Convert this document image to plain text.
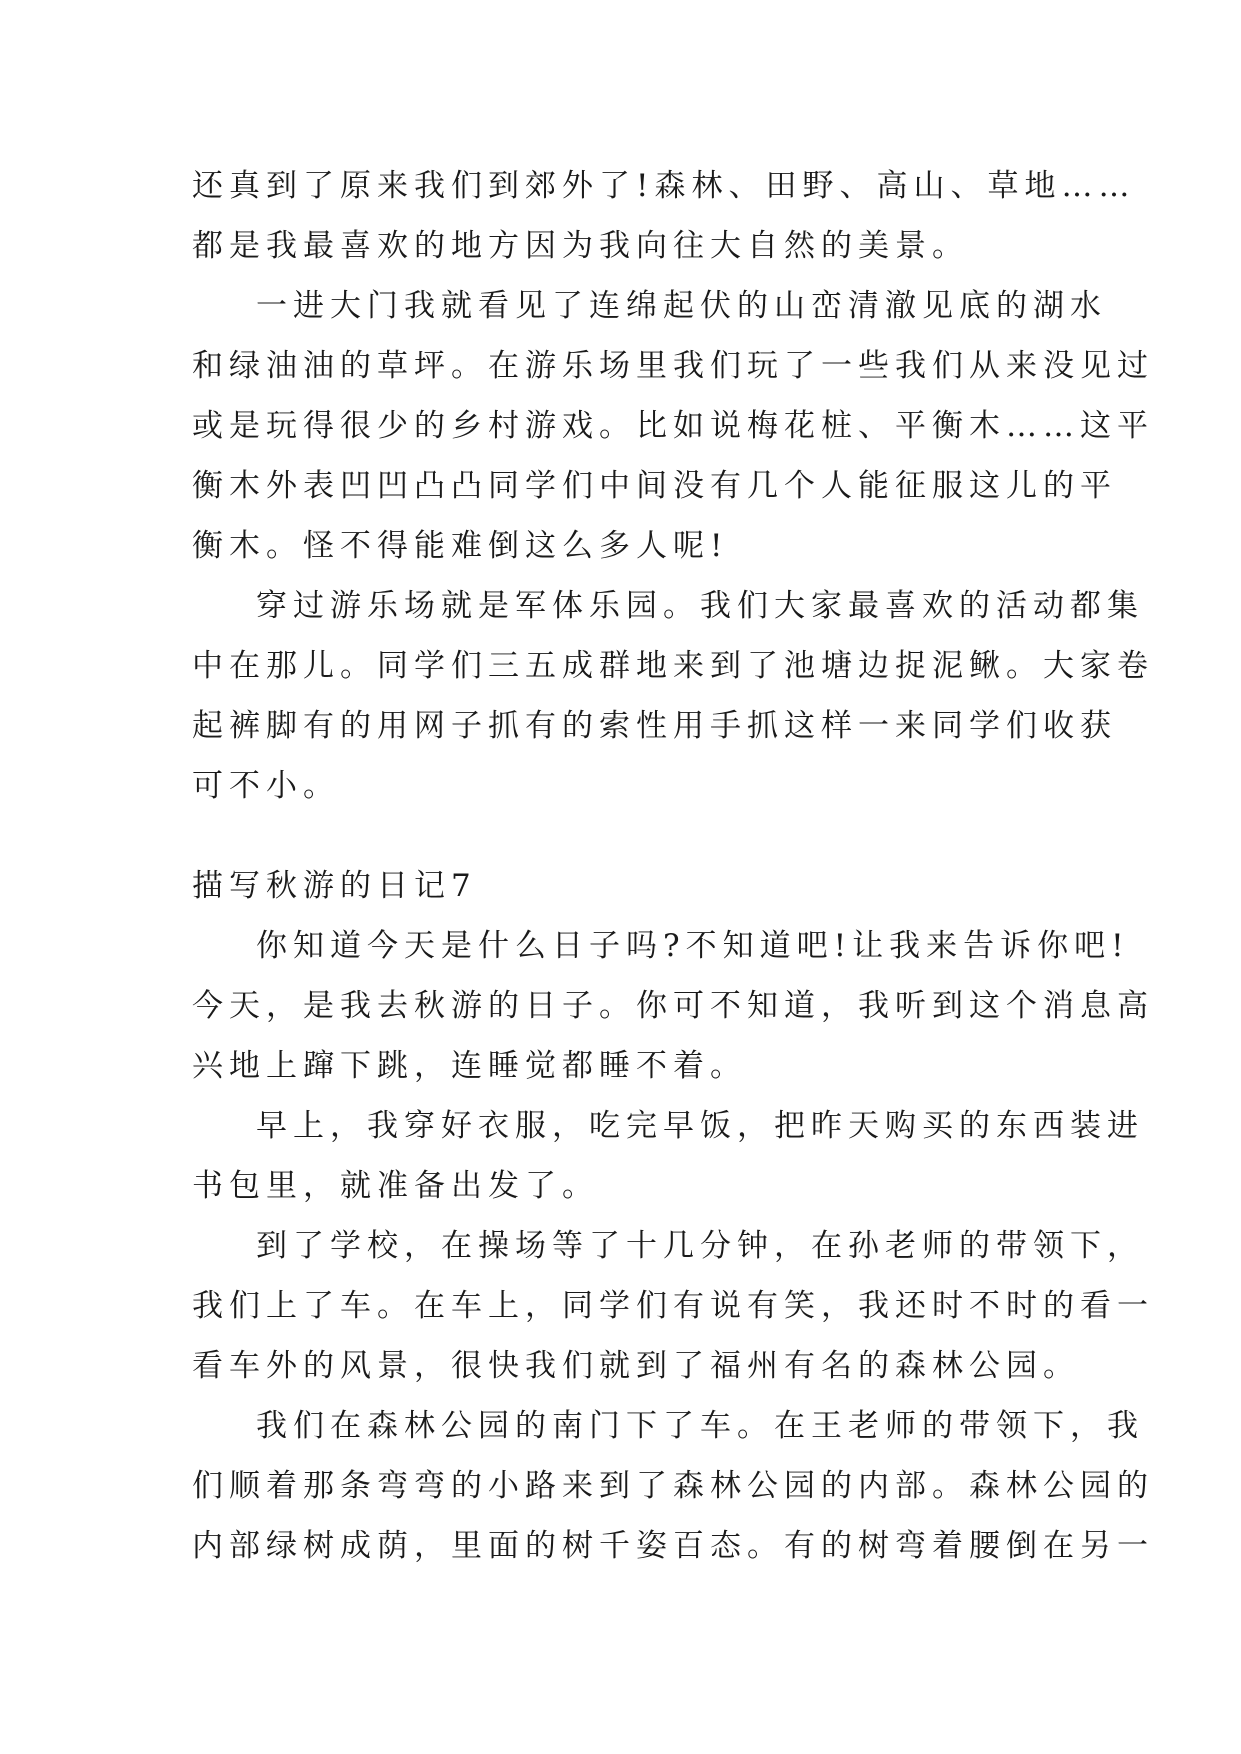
还真到了原来我们到郊外了!森林、田野、高山、草地……
都是我最喜欢的地方因为我向往大自然的美景。
一进大门我就看见了连绵起伏的山峦清澈见底的湖水
和绿油油的草坪。在游乐场里我们玩了一些我们从来没见过
或是玩得很少的乡村游戏。比如说梅花桩、平衡木……这平
衡木外表凹凹凸凸同学们中间没有几个人能征服这儿的平
衡木。怪不得能难倒这么多人呢!
穿过游乐场就是军体乐园。我们大家最喜欢的活动都集
中在那儿。同学们三五成群地来到了池塘边捉泥鳅。大家卷
起裤脚有的用网子抓有的索性用手抓这样一来同学们收获
可不小。
描写秋游的日记7
你知道今天是什么日子吗?不知道吧!让我来告诉你吧!
今天，是我去秋游的日子。你可不知道，我听到这个消息高
兴地上蹿下跳，连睡觉都睡不着。
早上，我穿好衣服，吃完早饭，把昨天购买的东西装进
书包里，就准备出发了。
到了学校，在操场等了十几分钟，在孙老师的带领下，
我们上了车。在车上，同学们有说有笑，我还时不时的看一
看车外的风景，很快我们就到了福州有名的森林公园。
我们在森林公园的南门下了车。在王老师的带领下，我
们顺着那条弯弯的小路来到了森林公园的内部。森林公园的
内部绿树成荫，里面的树千姿百态。有的树弯着腰倒在另一
